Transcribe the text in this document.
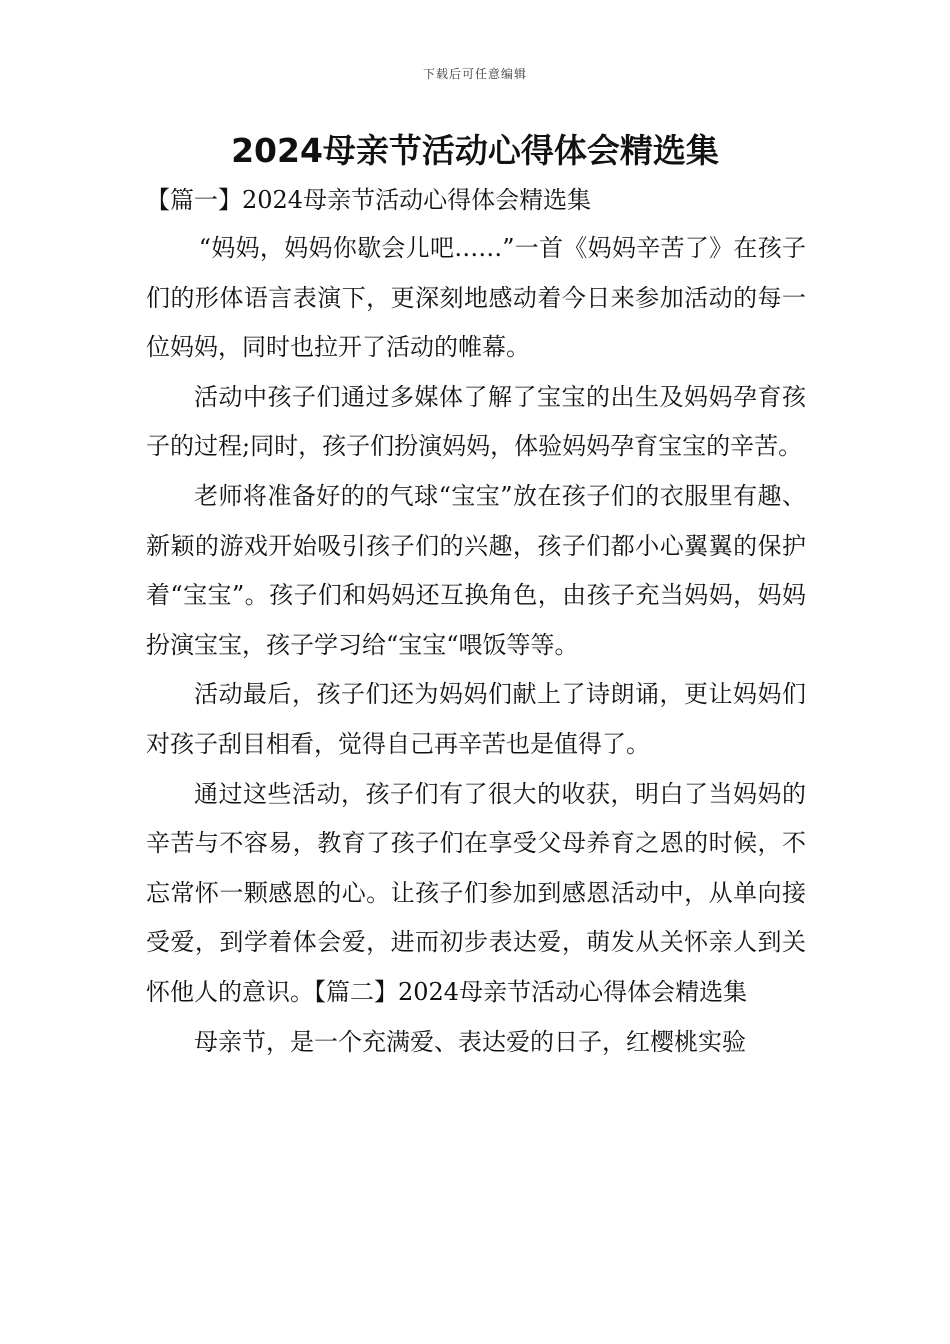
下载后可任意编辑
2024母亲节活动心得体会精选集

【篇一】2024母亲节活动心得体会精选集

“妈妈，妈妈你歇会儿吧……”一首《妈妈辛苦了》在孩子们的形体语言表演下，更深刻地感动着今日来参加活动的每一位妈妈，同时也拉开了活动的帷幕。

活动中孩子们通过多媒体了解了宝宝的出生及妈妈孕育孩子的过程;同时，孩子们扮演妈妈，体验妈妈孕育宝宝的辛苦。

老师将准备好的的气球“宝宝”放在孩子们的衣服里有趣、新颖的游戏开始吸引孩子们的兴趣，孩子们都小心翼翼的保护着“宝宝”。孩子们和妈妈还互换角色，由孩子充当妈妈，妈妈扮演宝宝，孩子学习给“宝宝“喂饭等等。

活动最后，孩子们还为妈妈们献上了诗朗诵，更让妈妈们对孩子刮目相看，觉得自己再辛苦也是值得了。

通过这些活动，孩子们有了很大的收获，明白了当妈妈的辛苦与不容易，教育了孩子们在享受父母养育之恩的时候，不忘常怀一颗感恩的心。让孩子们参加到感恩活动中，从单向接受爱，到学着体会爱，进而初步表达爱，萌发从关怀亲人到关怀他人的意识。【篇二】2024母亲节活动心得体会精选集

母亲节，是一个充满爱、表达爱的日子，红樱桃实验
